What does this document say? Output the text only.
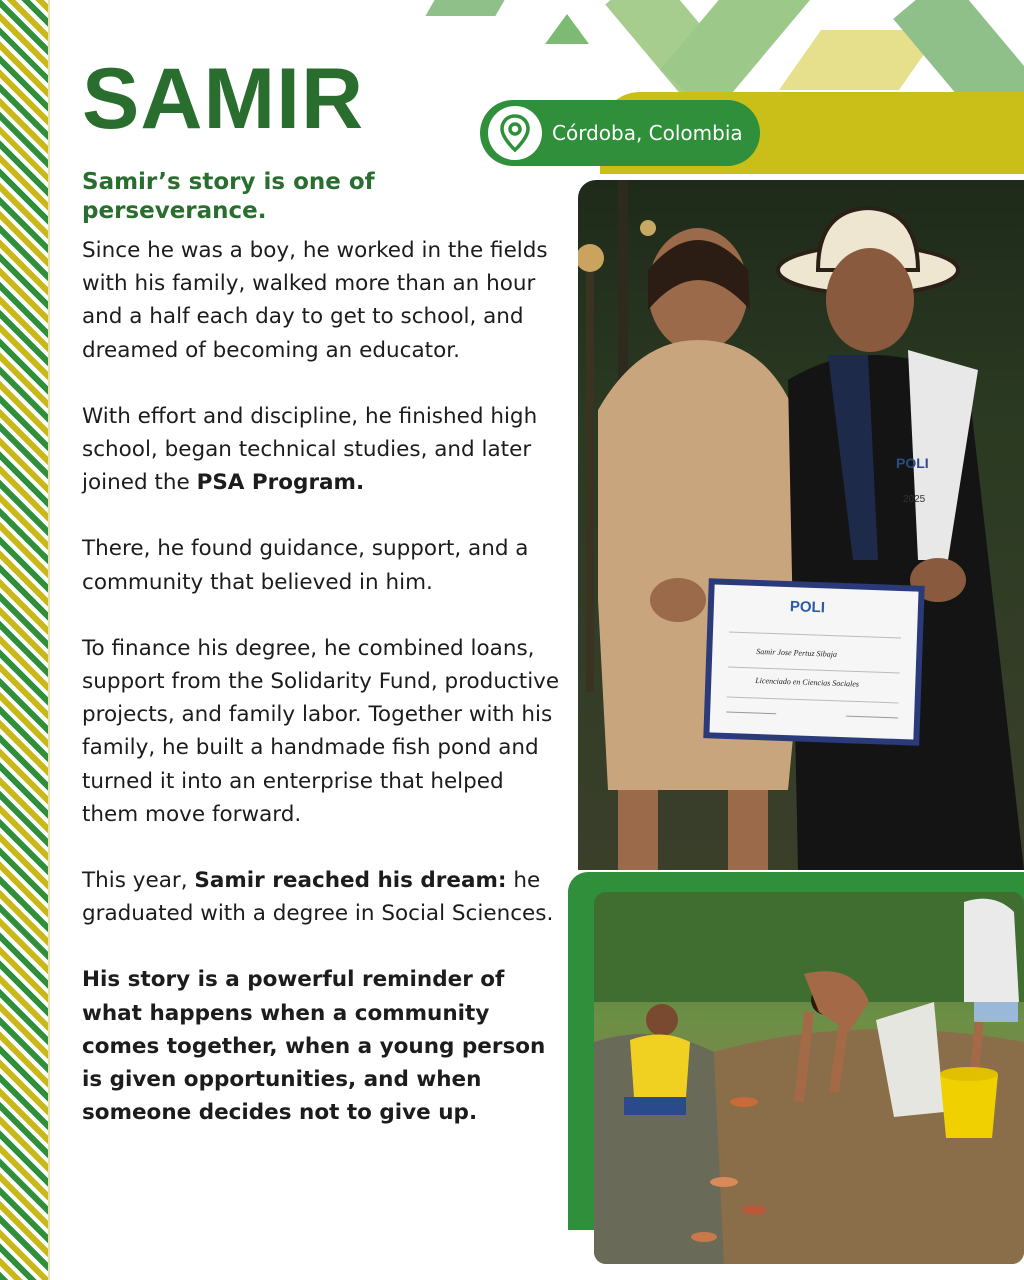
SAMIR	Córdoba, Colombia
Samir’s story is one of perseverance.

Since he was a boy, he worked in the fields with his family, walked more than an hour and a half each day to get to school, and dreamed of becoming an educator.

With effort and discipline, he finished high school, began technical studies, and later joined the PSA Program.

There, he found guidance, support, and a community that believed in him.

To finance his degree, he combined loans, support from the Solidarity Fund, productive projects, and family labor. Together with his family, he built a handmade fish pond and turned it into an enterprise that helped them move forward.

This year, Samir reached his dream: he graduated with a degree in Social Sciences.

His story is a powerful reminder of what happens when a community comes together, when a young person is given opportunities, and when someone decides not to give up.

POLI
2025
POLI
Samir Jose Pertuz Sibaja
Licenciado en Ciencias Sociales
